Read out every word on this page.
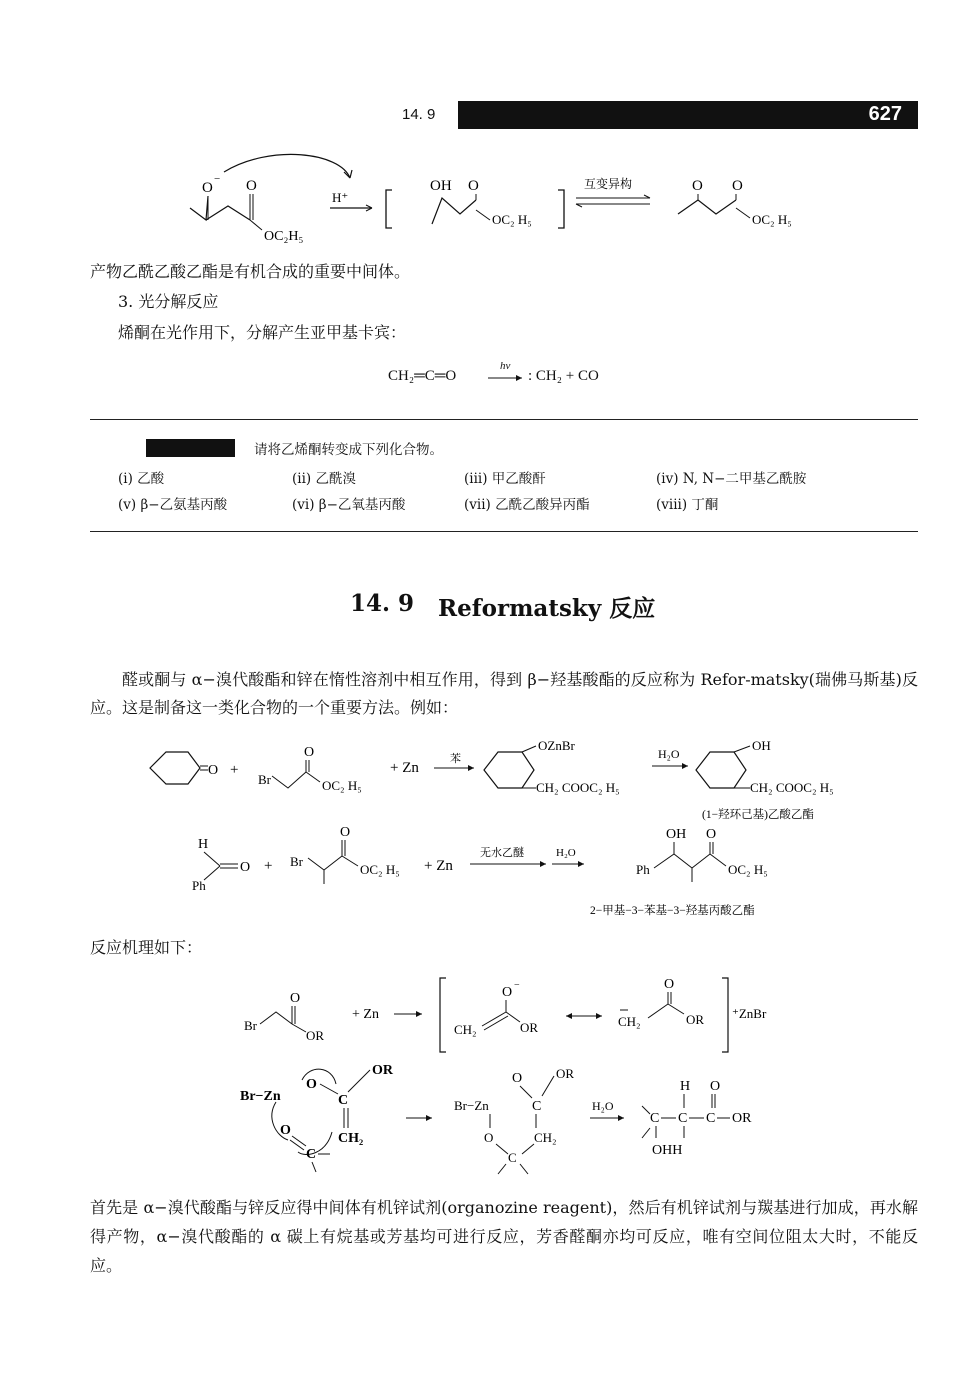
14. 9	627
O
− O
OC₂H₅
H⁺
OH O
OC₂ H₅
互变异构	O O
OC₂ H₅
产物乙酰乙酸乙酯是有机合成的重要中间体。
3. 光分解反应
烯酮在光作用下，分解产生亚甲基卡宾：
CH₂═C═O
hν
: CH₂ + CO
请将乙烯酮转变成下列化合物。
(i) 乙酸	(ii) 乙酰溴	(iii) 甲乙酸酐	(iv) N, N−二甲基乙酰胺
(v) β−乙氨基丙酸	(vi) β−乙氧基丙酸	(vii) 乙酰乙酸异丙酯	(viii) 丁酮
14. 9 Reformatsky 反应
醛或酮与 α−溴代酸酯和锌在惰性溶剂中相互作用，得到 β−羟基酸酯的反应称为 Refor-matsky(瑞佛马斯基)反应。这是制备这一类化合物的一个重要方法。例如：
O +
O
Br	OC₂ H₅
+ Zn
苯
OZnBr
CH₂ COOC₂ H₅
H₂O
OH
CH₂ COOC₂ H₅
(1−羟环己基)乙酸乙酯
H
O
Ph
+ Br
O
OC₂ H₅ + Zn
无水乙醚	H₂O
OH O
Ph	OC₂ H₅
2−甲基−3−苯基−3−羟基丙酸乙酯
反应机理如下：
O
Br
OR
+ Zn
O −
CH₂	OR
O
CH₂	OR ⁺ZnBr
Br−Zn
O
OR
C
CH₂
O
C
O	OR
Br−Zn	C
O	CH₂
C
H₂O
H O
C C C OR
OHH
首先是 α−溴代酸酯与锌反应得中间体有机锌试剂(organozine reagent)，然后有机锌试剂与羰基进行加成，再水解得产物，α−溴代酸酯的 α 碳上有烷基或芳基均可进行反应，芳香醛酮亦均可反应，唯有空间位阻太大时，不能反应。
